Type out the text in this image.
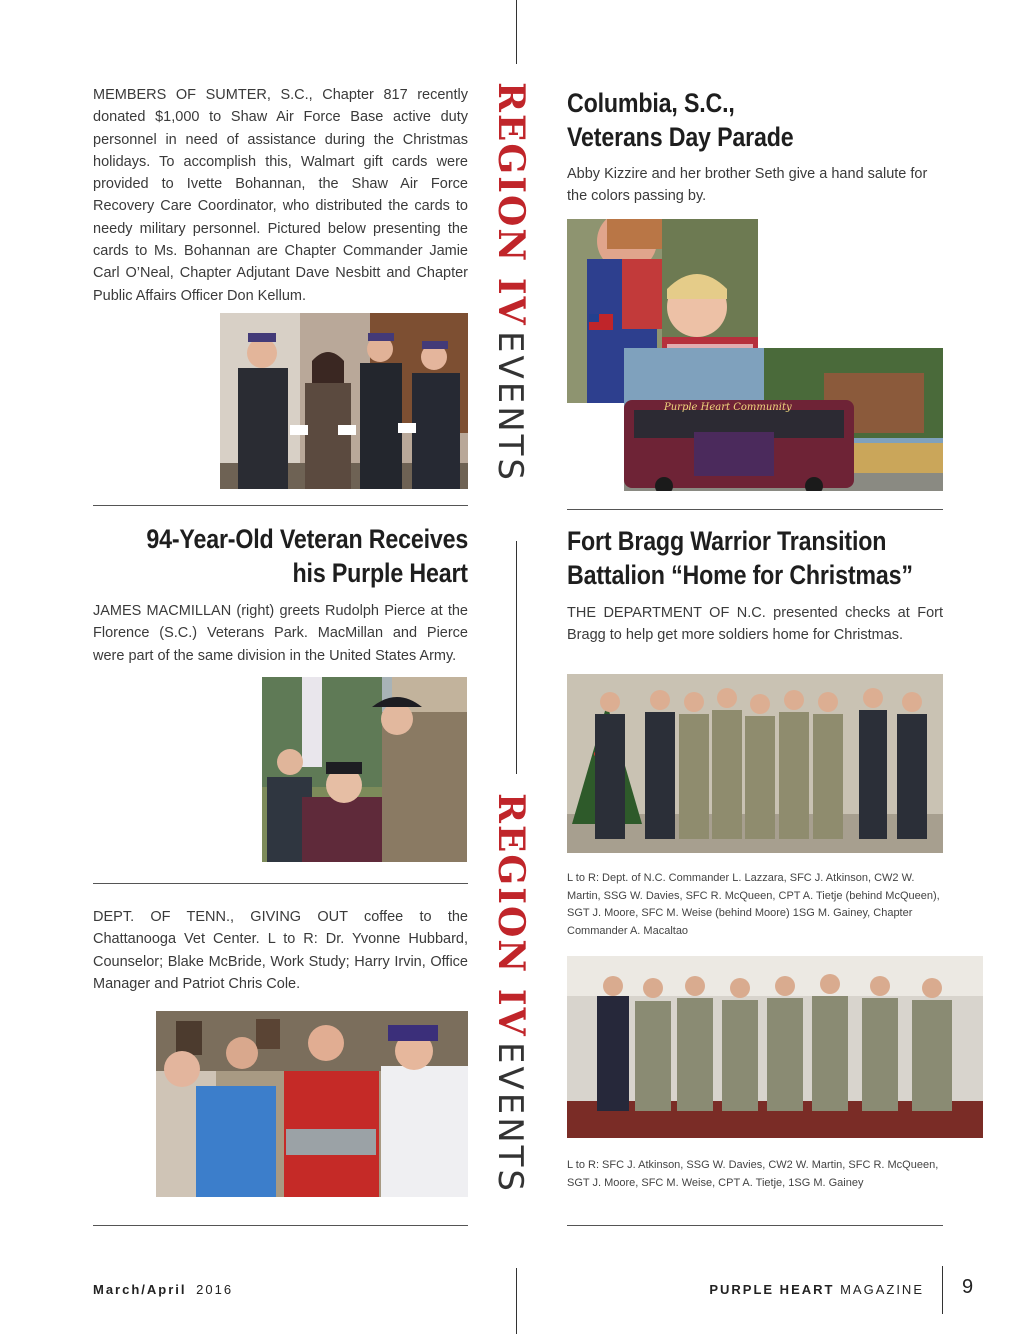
MEMBERS OF SUMTER, S.C., Chapter 817 recently donated $1,000 to Shaw Air Force Base active duty personnel in need of assistance during the Christmas holidays. To accomplish this, Walmart gift cards were provided to Ivette Bohannan, the Shaw Air Force Recovery Care Coordinator, who distributed the cards to needy military personnel. Pictured below presenting the cards to Ms. Bohannan are Chapter Commander Jamie Carl O’Neal, Chapter Adjutant Dave Nesbitt and Chapter Public Affairs Officer Don Kellum.
94-Year-Old Veteran Receives
his Purple Heart
JAMES MACMILLAN (right) greets Rudolph Pierce at the Florence (S.C.) Veterans Park. MacMillan and Pierce were part of the same division in the United States Army.
DEPT. OF TENN., GIVING OUT coffee to the Chattanooga Vet Center. L to R: Dr. Yvonne Hubbard, Counselor; Blake McBride, Work Study; Harry Irvin, Office Manager and Patriot Chris Cole.
REGION IV EVENTS
REGION IV EVENTS
Columbia, S.C.,
Veterans Day Parade
Abby Kizzire and her brother Seth give a hand salute for the colors passing by.
Purple Heart Community
Fort Bragg Warrior Transition
Battalion “Home for Christmas”
THE DEPARTMENT OF N.C. presented checks at Fort Bragg to help get more soldiers home for Christmas.
L to R: Dept. of N.C. Commander L. Lazzara, SFC J. Atkinson, CW2 W. Martin, SSG W. Davies, SFC R. McQueen, CPT A. Tietje (behind McQueen), SGT J. Moore, SFC M. Weise (behind Moore) 1SG M. Gainey, Chapter Commander A. Macaltao
L to R: SFC J. Atkinson, SSG W. Davies, CW2 W. Martin, SFC R. McQueen, SGT J. Moore, SFC M. Weise, CPT A. Tietje, 1SG M. Gainey
March/April 2016	PURPLE HEART MAGAZINE 9
